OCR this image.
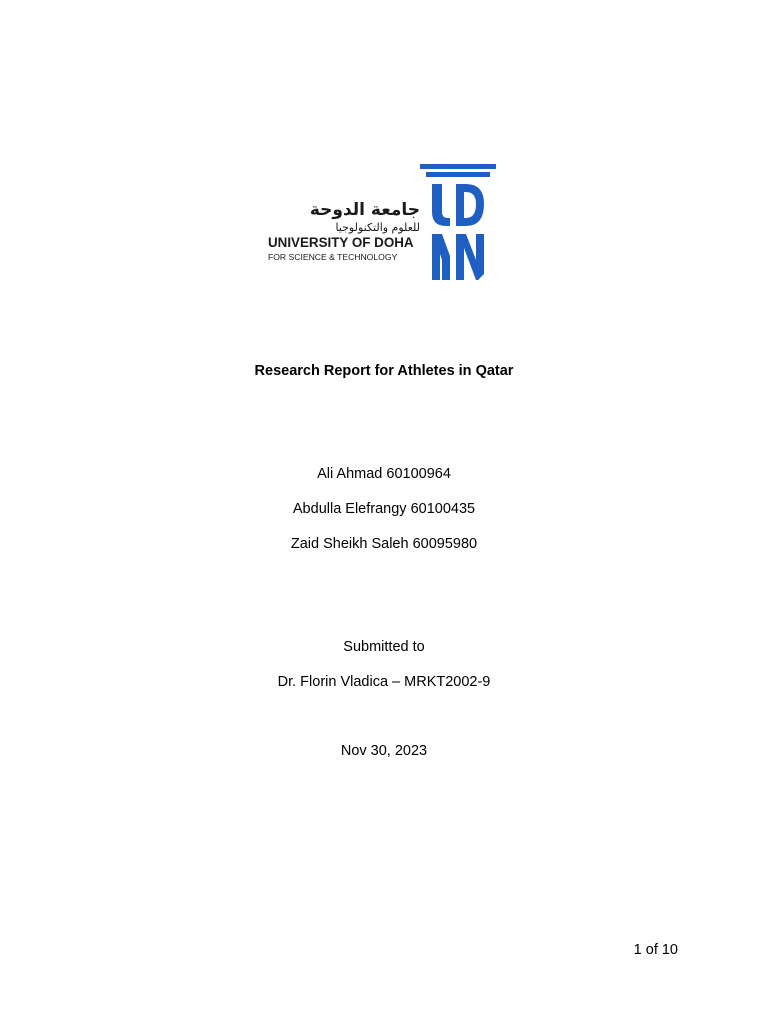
جامعة الدوحة
للعلوم والتكنولوجيا
UNIVERSITY OF DOHA
FOR SCIENCE & TECHNOLOGY
Research Report for Athletes in Qatar
Ali Ahmad 60100964
Abdulla Elefrangy 60100435
Zaid Sheikh Saleh 60095980
Submitted to
Dr. Florin Vladica – MRKT2002-9
Nov 30, 2023
1 of 10
